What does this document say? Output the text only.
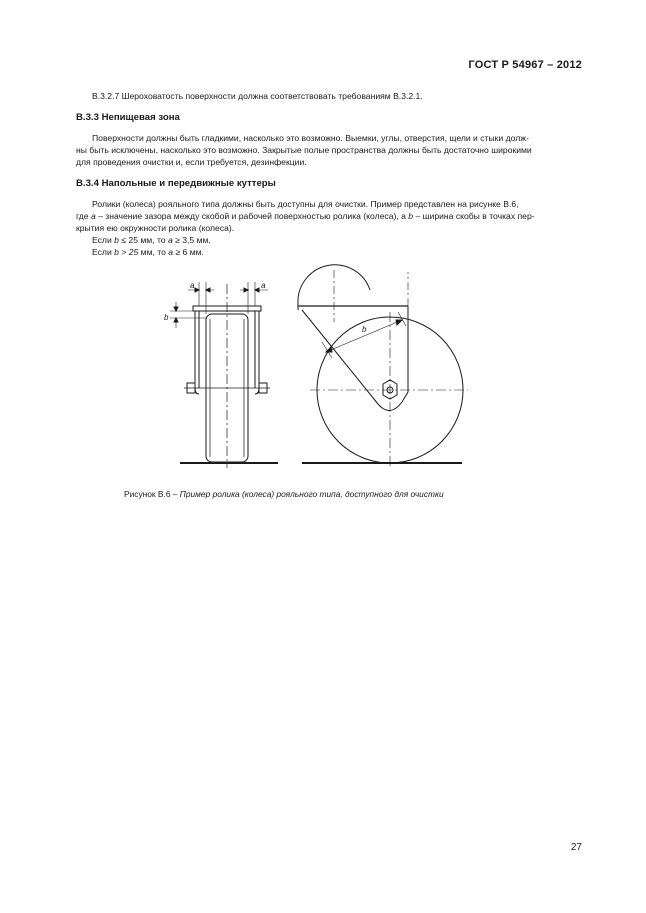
ГОСТ Р 54967 – 2012
В.3.2.7 Шероховатость поверхности должна соответствовать требованиям В.3.2.1.
В.3.3 Непищевая зона
Поверхности должны быть гладкими, насколько это возможно. Выемки, углы, отверстия, щели и стыки долж-
ны быть исключены, насколько это возможно. Закрытые полые пространства должны быть достаточно широкими
для проведения очистки и, если требуется, дезинфекции.
В.3.4 Напольные и передвижные куттеры
Ролики (колеса) рояльного типа должны быть доступны для очистки. Пример представлен на рисунке В.6,
где a – значение зазора между скобой и рабочей поверхностью ролика (колеса), а b – ширина скобы в точках пер-
крытия ею окружности ролика (колеса).
Если b ≤ 25 мм, то a ≥ 3,5 мм.
Если b > 25 мм, то a ≥ 6 мм.
a	a
b
b
Рисунок В.6 – Пример ролика (колеса) рояльного типа, доступного для очистки
27
